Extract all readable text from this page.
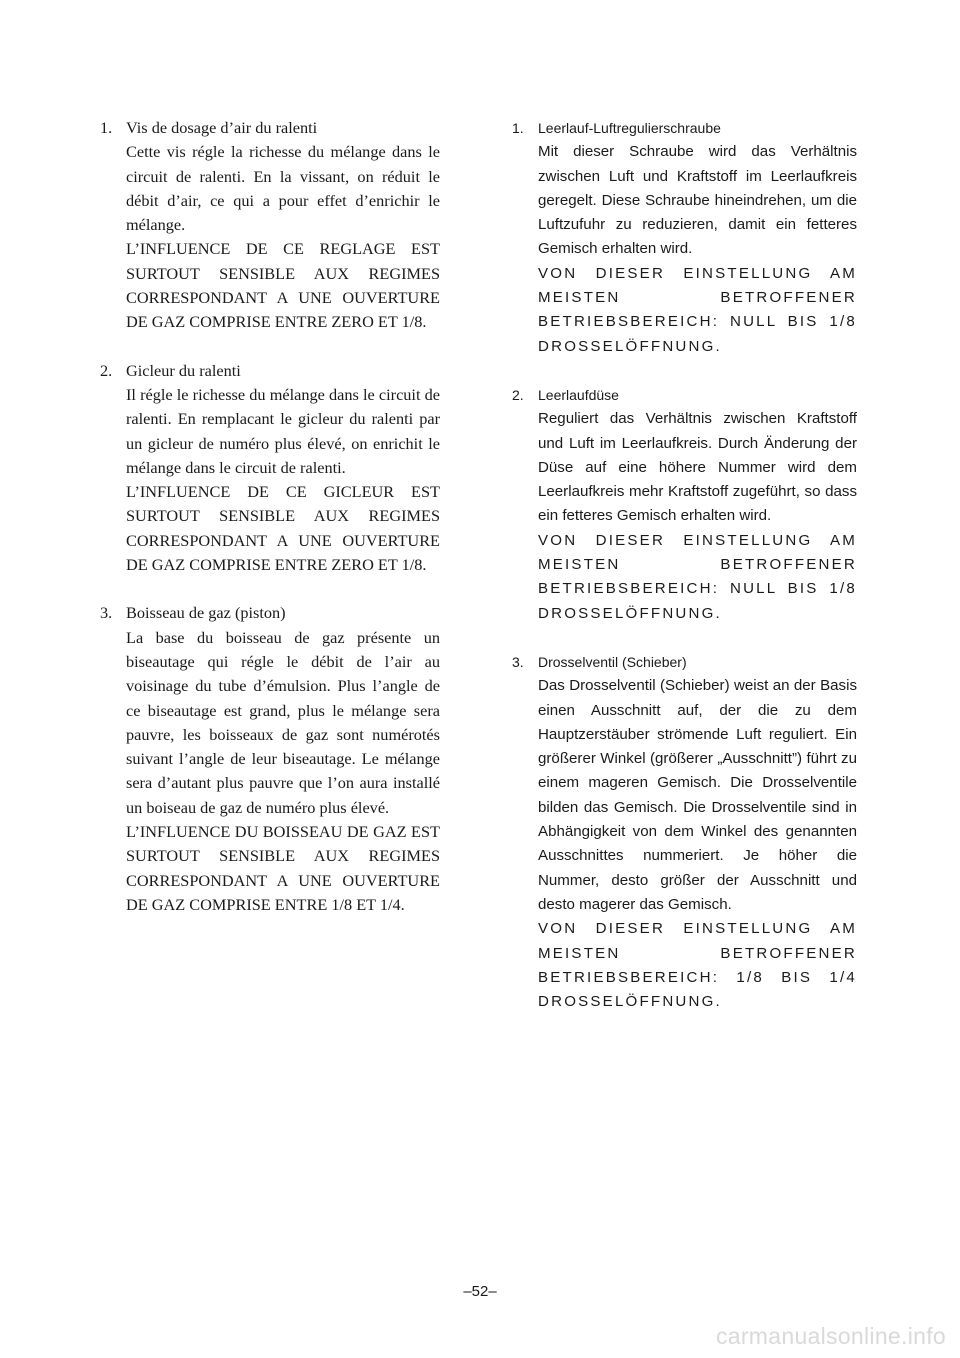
1. Vis de dosage d’air du ralenti

Cette vis régle la richesse du mélange dans le circuit de ralenti. En la vissant, on réduit le débit d’air, ce qui a pour effet d’enrichir le mélange.

L’INFLUENCE DE CE REGLAGE EST SURTOUT SENSIBLE AUX REGIMES CORRESPONDANT A UNE OUVERTURE DE GAZ COMPRISE ENTRE ZERO ET 1/8.

2. Gicleur du ralenti

Il régle le richesse du mélange dans le circuit de ralenti. En remplacant le gicleur du ralenti par un gicleur de numéro plus élevé, on enrichit le mélange dans le circuit de ralenti.

L’INFLUENCE DE CE GICLEUR EST SURTOUT SENSIBLE AUX REGIMES CORRESPONDANT A UNE OUVERTURE DE GAZ COMPRISE ENTRE ZERO ET 1/8.

3. Boisseau de gaz (piston)

La base du boisseau de gaz présente un biseautage qui régle le débit de l’air au voisinage du tube d’émulsion. Plus l’angle de ce biseautage est grand, plus le mélange sera pauvre, les boisseaux de gaz sont numérotés suivant l’angle de leur biseautage. Le mélange sera d’autant plus pauvre que l’on aura installé un boiseau de gaz de numéro plus élevé.

L’INFLUENCE DU BOISSEAU DE GAZ EST SURTOUT SENSIBLE AUX REGIMES CORRESPONDANT A UNE OUVERTURE DE GAZ COMPRISE ENTRE 1/8 ET 1/4.

1.	Leerlauf-Luftregulierschraube

Mit dieser Schraube wird das Verhältnis zwischen Luft und Kraftstoff im Leerlaufkreis geregelt. Diese Schraube hineindrehen, um die Luftzufuhr zu reduzieren, damit ein fetteres Gemisch erhalten wird.

VON DIESER EINSTELLUNG AM MEISTEN BETROFFENER BETRIEBSBEREICH: NULL BIS 1/8 DROSSELÖFFNUNG.

2.	Leerlaufdüse

Reguliert das Verhältnis zwischen Kraftstoff und Luft im Leerlaufkreis. Durch Änderung der Düse auf eine höhere Nummer wird dem Leerlaufkreis mehr Kraftstoff zugeführt, so dass ein fetteres Gemisch erhalten wird.

VON DIESER EINSTELLUNG AM MEISTEN BETROFFENER BETRIEBSBEREICH: NULL BIS 1/8 DROSSELÖFFNUNG.

3.	Drosselventil (Schieber)

Das Drosselventil (Schieber) weist an der Basis einen Ausschnitt auf, der die zu dem Hauptzerstäuber strömende Luft reguliert. Ein größerer Winkel (größerer „Ausschnitt”) führt zu einem mageren Gemisch. Die Drosselventile bilden das Gemisch. Die Drosselventile sind in Abhängigkeit von dem Winkel des genannten Ausschnittes nummeriert. Je höher die Nummer, desto größer der Ausschnitt und desto magerer das Gemisch.

VON DIESER EINSTELLUNG AM MEISTEN BETROFFENER BETRIEBSBEREICH: 1/8 BIS 1/4 DROSSELÖFFNUNG.

–52–
carmanualsonline.info
